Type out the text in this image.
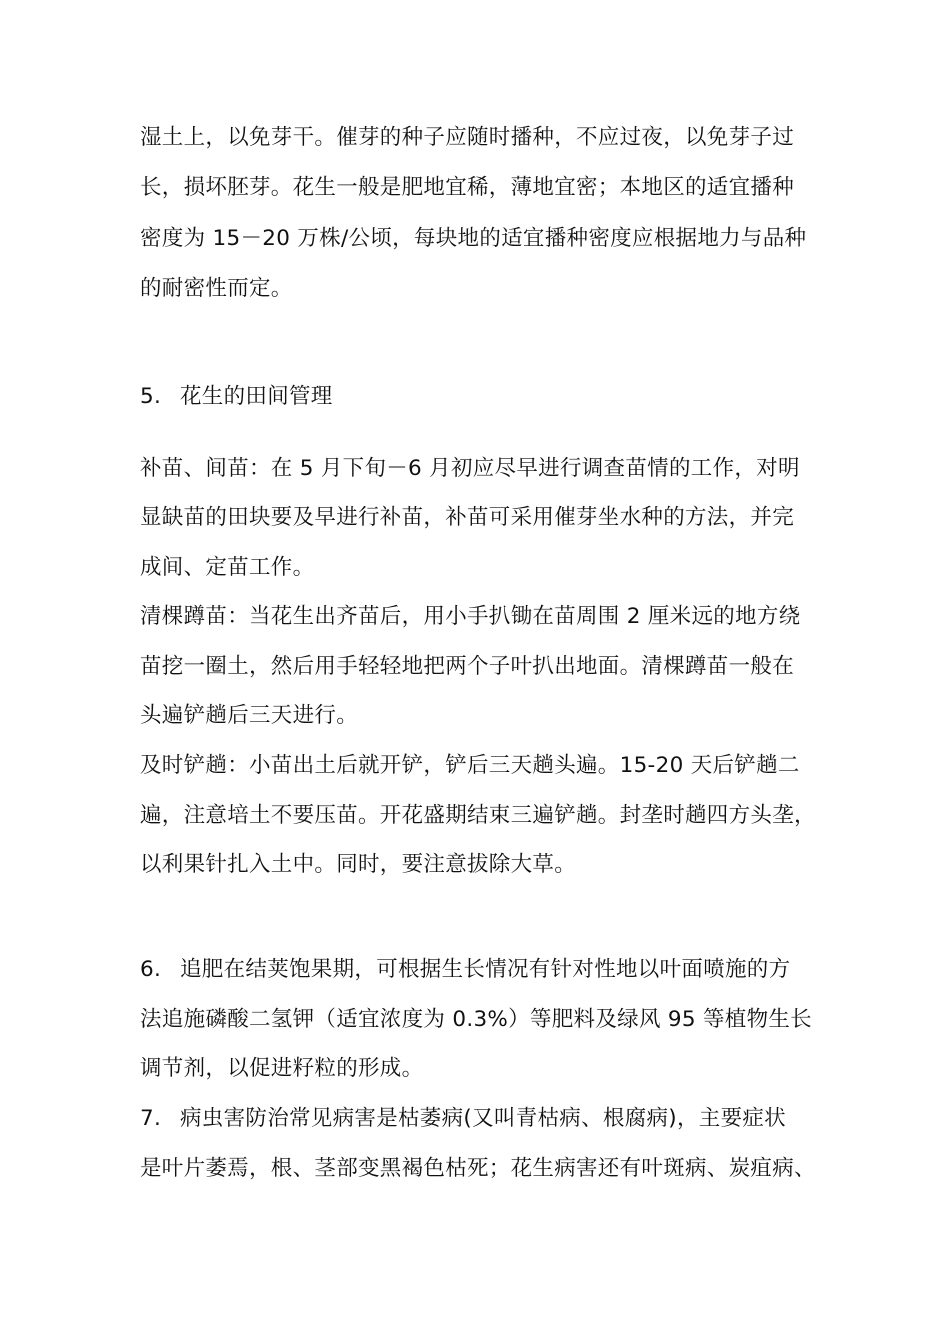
湿土上，以免芽干。催芽的种子应随时播种，不应过夜，以免芽子过
长，损坏胚芽。花生一般是肥地宜稀，薄地宜密；本地区的适宜播种
密度为 15－20 万株/公顷，每块地的适宜播种密度应根据地力与品种
的耐密性而定。
5. 花生的田间管理
补苗、间苗：在 5 月下旬－6 月初应尽早进行调查苗情的工作，对明
显缺苗的田块要及早进行补苗，补苗可采用催芽坐水种的方法，并完
成间、定苗工作。
清棵蹲苗：当花生出齐苗后，用小手扒锄在苗周围 2 厘米远的地方绕
苗挖一圈土，然后用手轻轻地把两个子叶扒出地面。清棵蹲苗一般在
头遍铲趟后三天进行。
及时铲趟：小苗出土后就开铲，铲后三天趟头遍。15-20 天后铲趟二
遍，注意培土不要压苗。开花盛期结束三遍铲趟。封垄时趟四方头垄，
以利果针扎入土中。同时，要注意拔除大草。
6. 追肥在结荚饱果期，可根据生长情况有针对性地以叶面喷施的方
法追施磷酸二氢钾（适宜浓度为 0.3%）等肥料及绿风 95 等植物生长
调节剂，以促进籽粒的形成。
7. 病虫害防治常见病害是枯萎病(又叫青枯病、根腐病)，主要症状
是叶片萎焉，根、茎部变黑褐色枯死；花生病害还有叶斑病、炭疽病、
